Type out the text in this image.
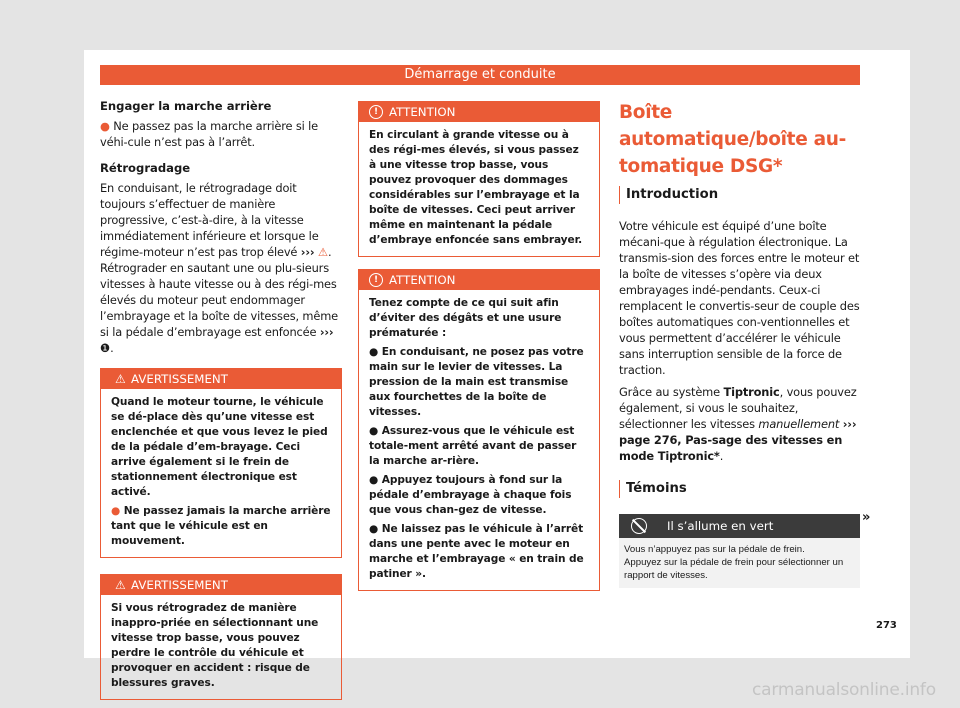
Démarrage et conduite

Engager la marche arrière

● Ne passez pas la marche arrière si le véhi-cule n’est pas à l’arrêt.

Rétrogradage

En conduisant, le rétrogradage doit toujours s’effectuer de manière progressive, c’est-à-dire, à la vitesse immédiatement inférieure et lorsque le régime-moteur n’est pas trop élevé ››› ⚠. Rétrograder en sautant une ou plu-sieurs vitesses à haute vitesse ou à des régi-mes élevés du moteur peut endommager l’embrayage et la boîte de vitesses, même si la pédale d’embrayage est enfoncée ››› ❶.

⚠ AVERTISSEMENT

Quand le moteur tourne, le véhicule se dé-place dès qu’une vitesse est enclenchée et que vous levez le pied de la pédale d’em-brayage. Ceci arrive également si le frein de stationnement électronique est activé.

● Ne passez jamais la marche arrière tant que le véhicule est en mouvement.

⚠ AVERTISSEMENT

Si vous rétrogradez de manière inappro-priée en sélectionnant une vitesse trop basse, vous pouvez perdre le contrôle du véhicule et provoquer en accident : risque de blessures graves.

! ATTENTION

En circulant à grande vitesse ou à des régi-mes élevés, si vous passez à une vitesse trop basse, vous pouvez provoquer des dommages considérables sur l’embrayage et la boîte de vitesses. Ceci peut arriver même en maintenant la pédale d’embraye enfoncée sans embrayer.

! ATTENTION

Tenez compte de ce qui suit afin d’éviter des dégâts et une usure prématurée :

● En conduisant, ne posez pas votre main sur le levier de vitesses. La pression de la main est transmise aux fourchettes de la boîte de vitesses.

● Assurez-vous que le véhicule est totale-ment arrêté avant de passer la marche ar-rière.

● Appuyez toujours à fond sur la pédale d’embrayage à chaque fois que vous chan-gez de vitesse.

● Ne laissez pas le véhicule à l’arrêt dans une pente avec le moteur en marche et l’embrayage « en train de patiner ».

Boîte automatique/boîte au-tomatique DSG*

Introduction

Votre véhicule est équipé d’une boîte mécani-que à régulation électronique. La transmis-sion des forces entre le moteur et la boîte de vitesses s’opère via deux embrayages indé-pendants. Ceux-ci remplacent le convertis-seur de couple des boîtes automatiques con-ventionnelles et vous permettent d’accélérer le véhicule sans interruption sensible de la force de traction.

Grâce au système Tiptronic, vous pouvez également, si vous le souhaitez, sélectionner les vitesses manuellement ››› page 276, Pas-sage des vitesses en mode Tiptronic*.

Témoins

Il s’allume en vert

Vous n’appuyez pas sur la pédale de frein.

Appuyez sur la pédale de frein pour sélectionner un rapport de vitesses.

»
273
carmanualsonline.info
